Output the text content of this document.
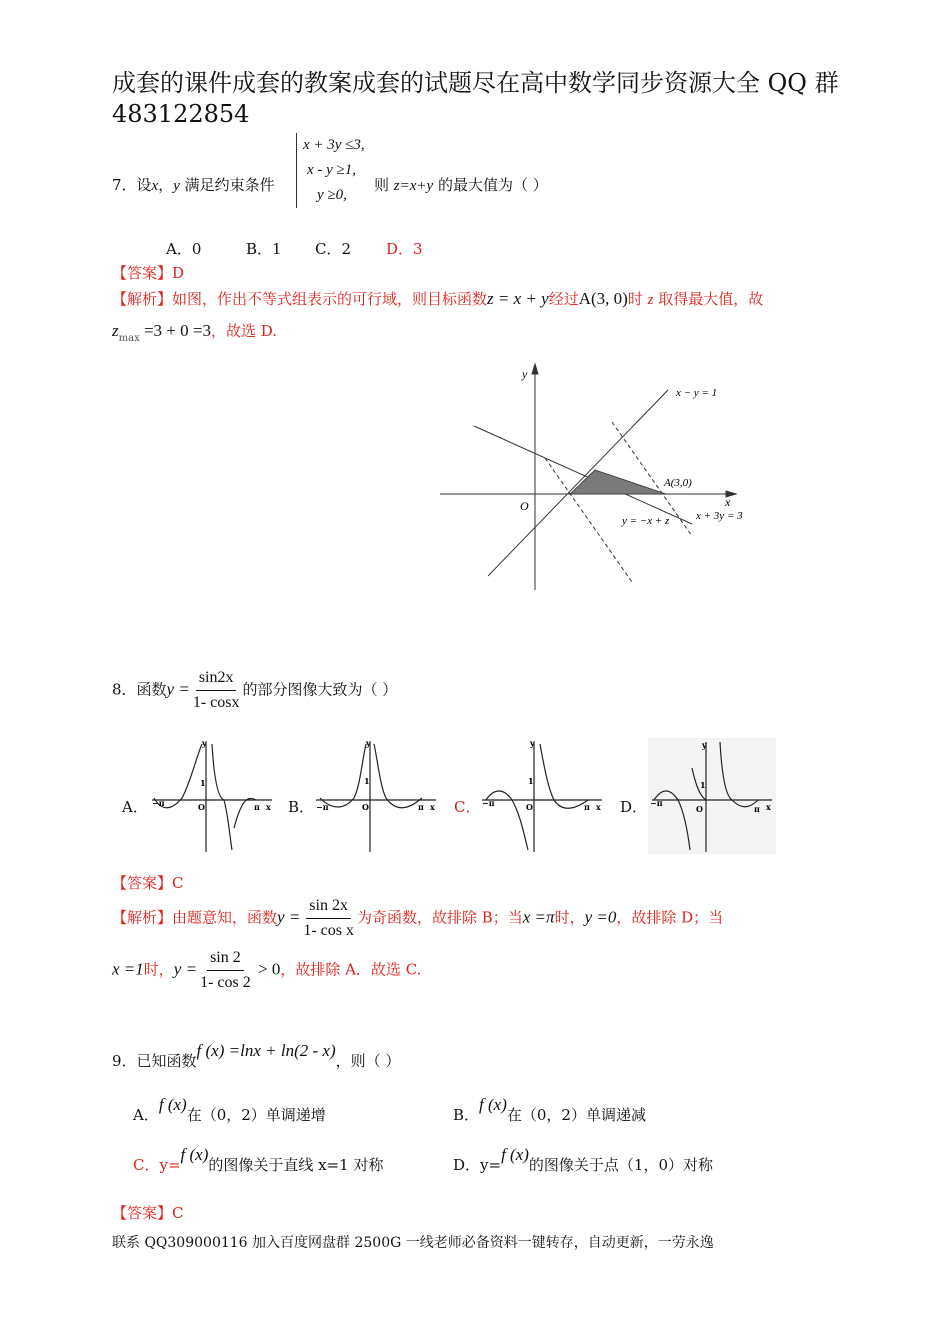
成套的课件成套的教案成套的试题尽在高中数学同步资源大全 QQ 群
483122854
7．设x，y 满足约束条件
x + 3y ≤3,
x - y ≥1,
y ≥0,
则 z=x+y 的最大值为（ ）
A．0	B．1 C．2 D．3
【答案】D
【解析】如图，作出不等式组表示的可行域，则目标函数z = x + y经过A(3, 0)时 z 取得最大值，故
$z_{max} =3 + 0 =3$，故选 D.
y
x
O
x − y = 1
A(3,0)
x + 3y = 3
y = −x + z
8．函数$y = \frac{\sin 2x}{1- \cos x}$ 的部分图像大致为（ ）
A．	B．	C．	D．
y
x
O
1
π
−π
y
x
O
1
π
−π
y
x
O
1
π
−π
y
x
O
1
π
−π
【答案】C
【解析】由题意知，函数$y = \frac{\sin 2x}{\text{1- cos x}}$ 为奇函数，故排除 B；当x =π时，y =0，故排除 D；当
x =1时，$y = \frac{\sin 2}{1- \cos 2} > 0$，故排除 A．故选 C.
9．已知函数f (x) =lnx + ln(2 - x)，则（ ）
A．f (x)在（0，2）单调递增	B．f (x)在（0，2）单调递减
C．y=f (x)的图像关于直线 x=1 对称	D．y=f (x)的图像关于点（1，0）对称
【答案】C
联系 QQ309000116 加入百度网盘群 2500G 一线老师必备资料一键转存，自动更新，一劳永逸
